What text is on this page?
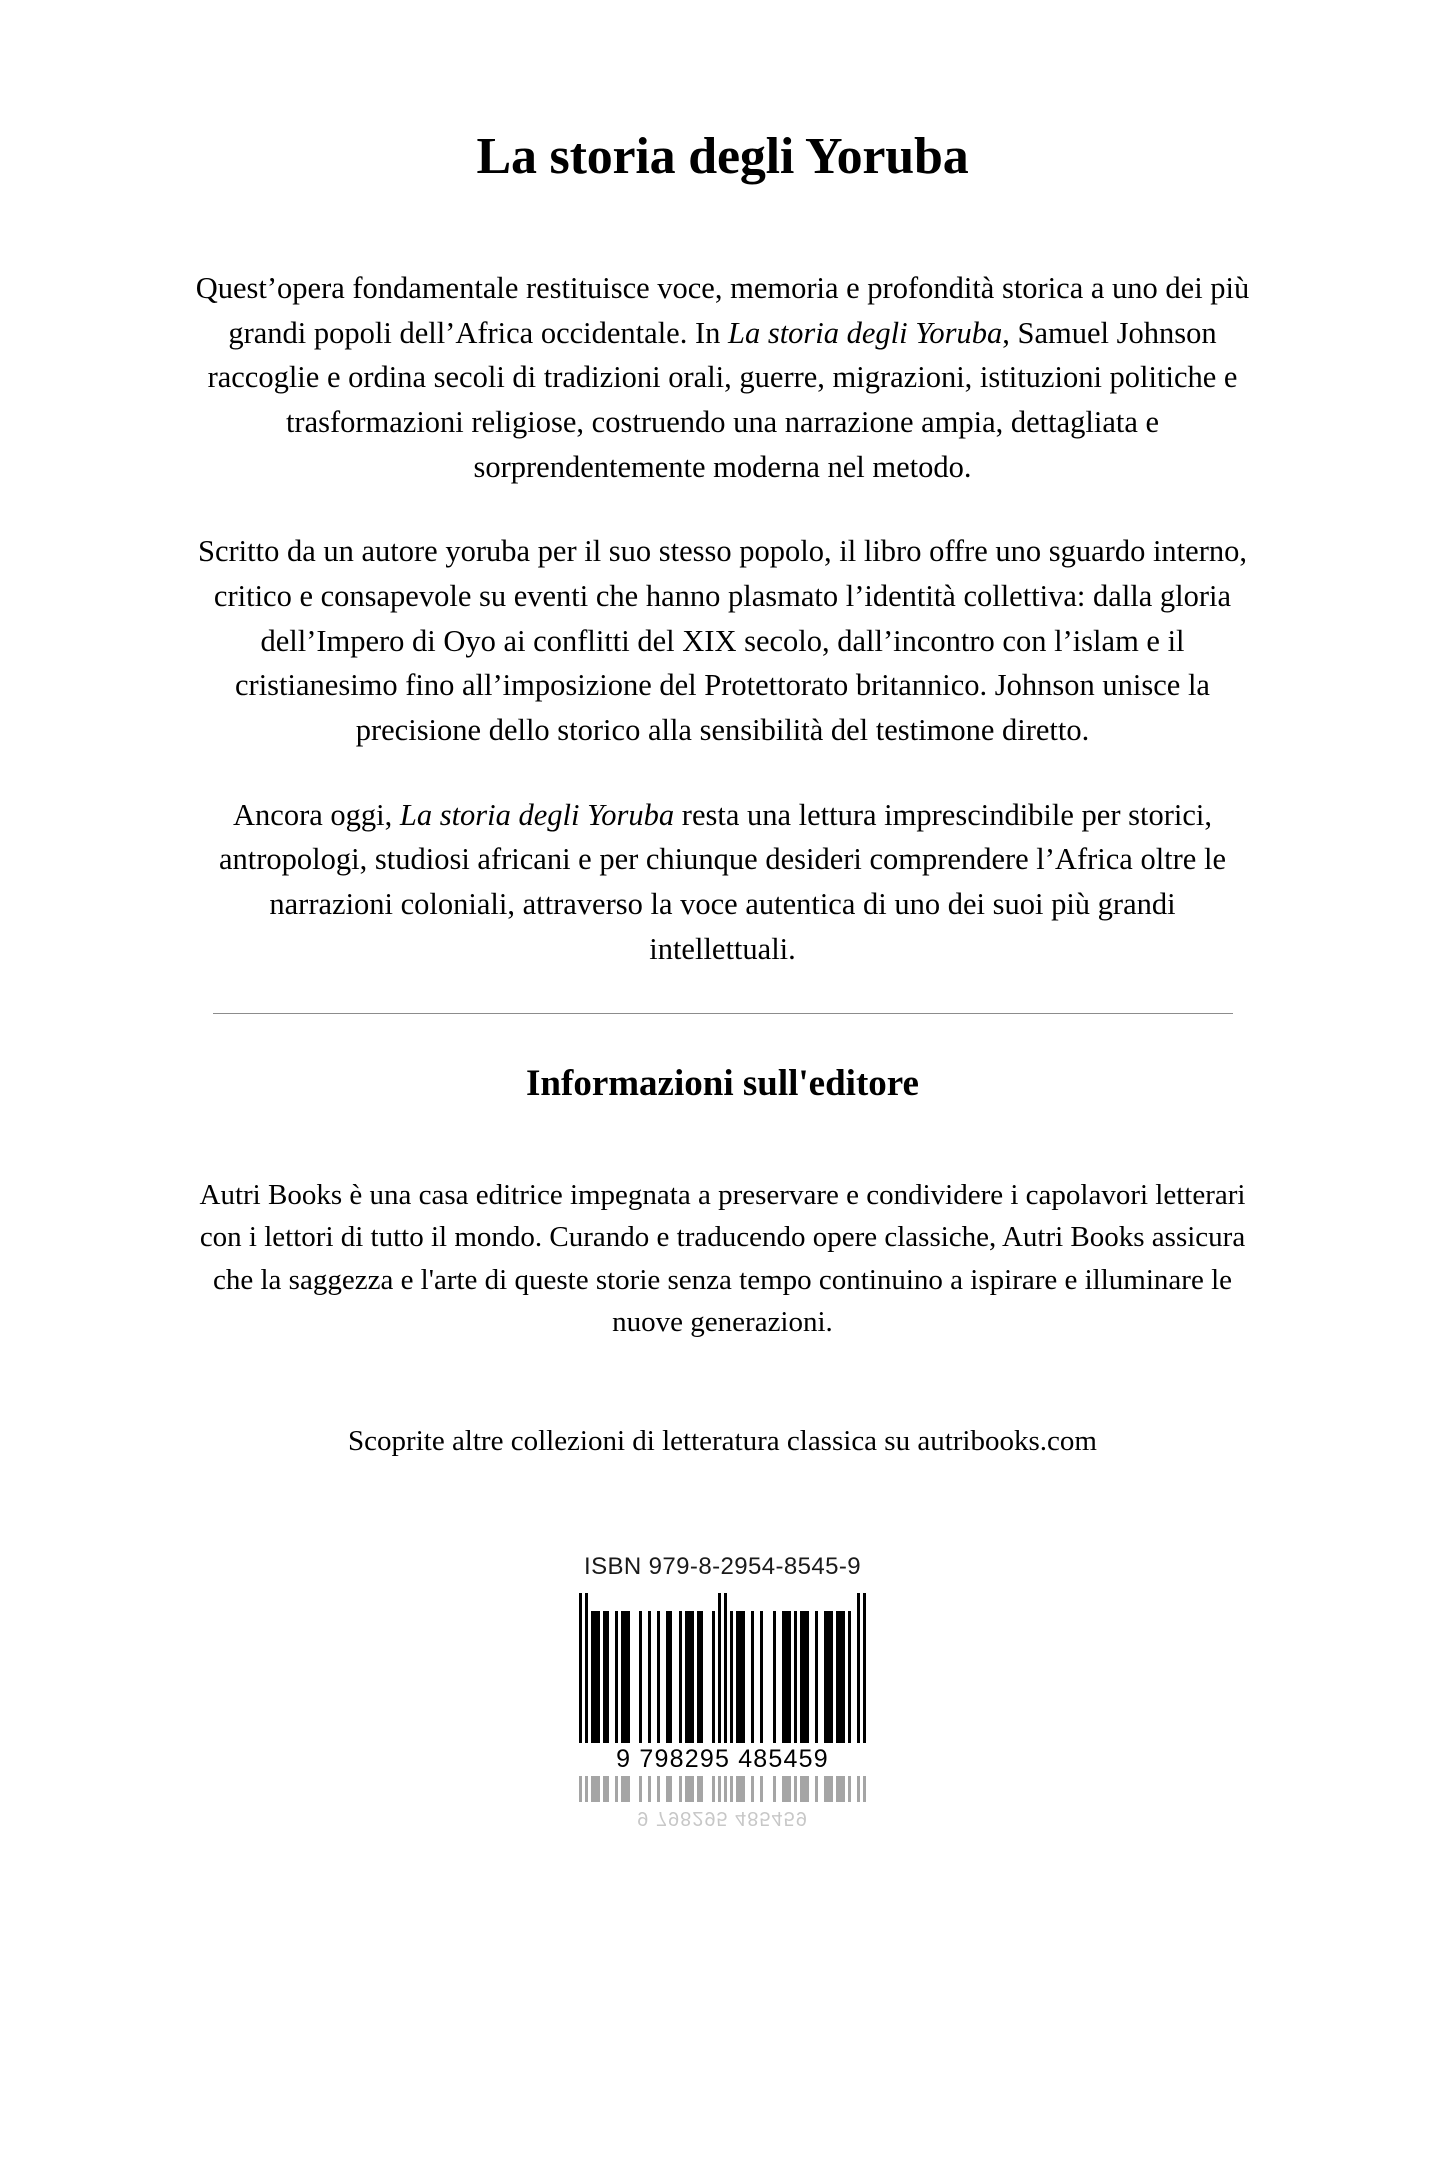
La storia degli Yoruba

Quest’opera fondamentale restituisce voce, memoria e profondità storica a uno dei più grandi popoli dell’Africa occidentale. In La storia degli Yoruba, Samuel Johnson raccoglie e ordina secoli di tradizioni orali, guerre, migrazioni, istituzioni politiche e trasformazioni religiose, costruendo una narrazione ampia, dettagliata e sorprendentemente moderna nel metodo.

Scritto da un autore yoruba per il suo stesso popolo, il libro offre uno sguardo interno, critico e consapevole su eventi che hanno plasmato l’identità collettiva: dalla gloria dell’Impero di Oyo ai conflitti del XIX secolo, dall’incontro con l’islam e il cristianesimo fino all’imposizione del Protettorato britannico. Johnson unisce la precisione dello storico alla sensibilità del testimone diretto.

Ancora oggi, La storia degli Yoruba resta una lettura imprescindibile per storici, antropologi, studiosi africani e per chiunque desideri comprendere l’Africa oltre le narrazioni coloniali, attraverso la voce autentica di uno dei suoi più grandi intellettuali.

Informazioni sull'editore

Autri Books è una casa editrice impegnata a preservare e condividere i capolavori letterari con i lettori di tutto il mondo. Curando e traducendo opere classiche, Autri Books assicura che la saggezza e l'arte di queste storie senza tempo continuino a ispirare e illuminare le nuove generazioni.

Scoprite altre collezioni di letteratura classica su autribooks.com

ISBN 979-8-2954-8545-9
9 798295 485459
9 798295 485459
